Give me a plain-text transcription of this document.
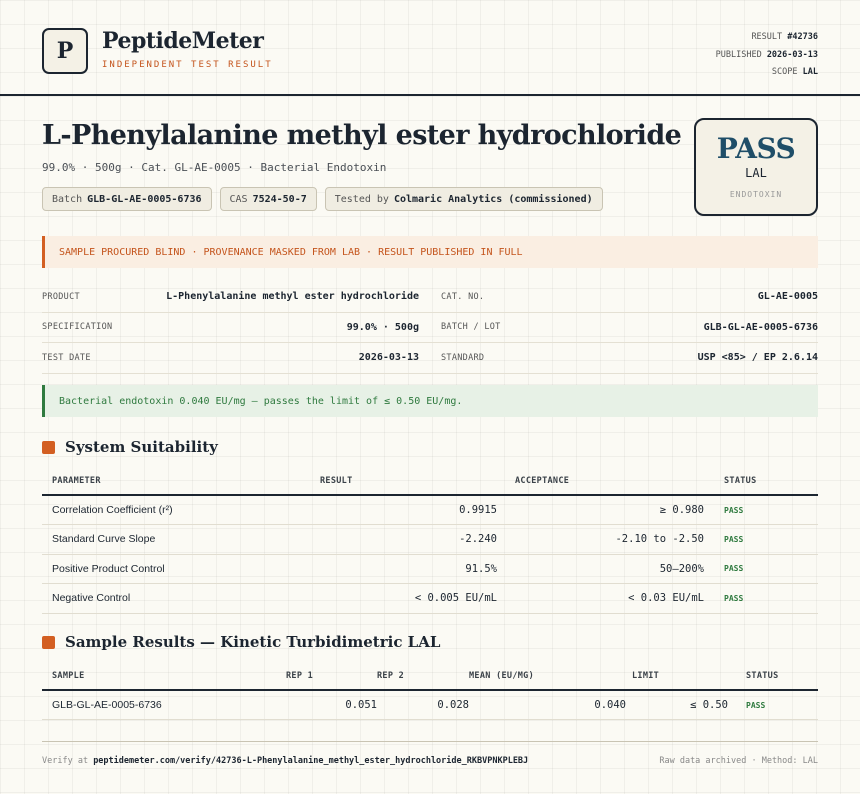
P PeptideMeter
INDEPENDENT TEST RESULT
RESULT #42736
PUBLISHED 2026-03-13
SCOPE LAL
L-Phenylalanine methyl ester hydrochloride
99.0% · 500g · Cat. GL-AE-0005 · Bacterial Endotoxin
Batch GLB-GL-AE-0005-6736	CAS 7524-50-7	Tested by Colmaric Analytics (commissioned)
PASS
LAL
ENDOTOXIN
SAMPLE PROCURED BLIND · PROVENANCE MASKED FROM LAB · RESULT PUBLISHED IN FULL
PRODUCT	L-Phenylalanine methyl ester hydrochloride	CAT. NO.	GL-AE-0005
SPECIFICATION	99.0% · 500g	BATCH / LOT	GLB-GL-AE-0005-6736
TEST DATE	2026-03-13	STANDARD	USP <85> / EP 2.6.14
Bacterial endotoxin 0.040 EU/mg — passes the limit of ≤ 0.50 EU/mg.
System Suitability
	PARAMETER	RESULT	ACCEPTANCE		STATUS
	Correlation Coefficient (r²)	0.9915	≥ 0.980		PASS
	Standard Curve Slope	-2.240	-2.10 to -2.50		PASS
	Positive Product Control	91.5%	50–200%		PASS
	Negative Control	< 0.005 EU/mL	< 0.03 EU/mL		PASS
Sample Results — Kinetic Turbidimetric LAL
	SAMPLE	REP 1	REP 2	MEAN (EU/MG)	LIMIT		STATUS
	GLB-GL-AE-0005-6736	0.051	0.028	0.040	≤ 0.50		PASS
Verify at peptidemeter.com/verify/42736-L-Phenylalanine_methyl_ester_hydrochloride_RKBVPNKPLEBJ	Raw data archived · Method: LAL
